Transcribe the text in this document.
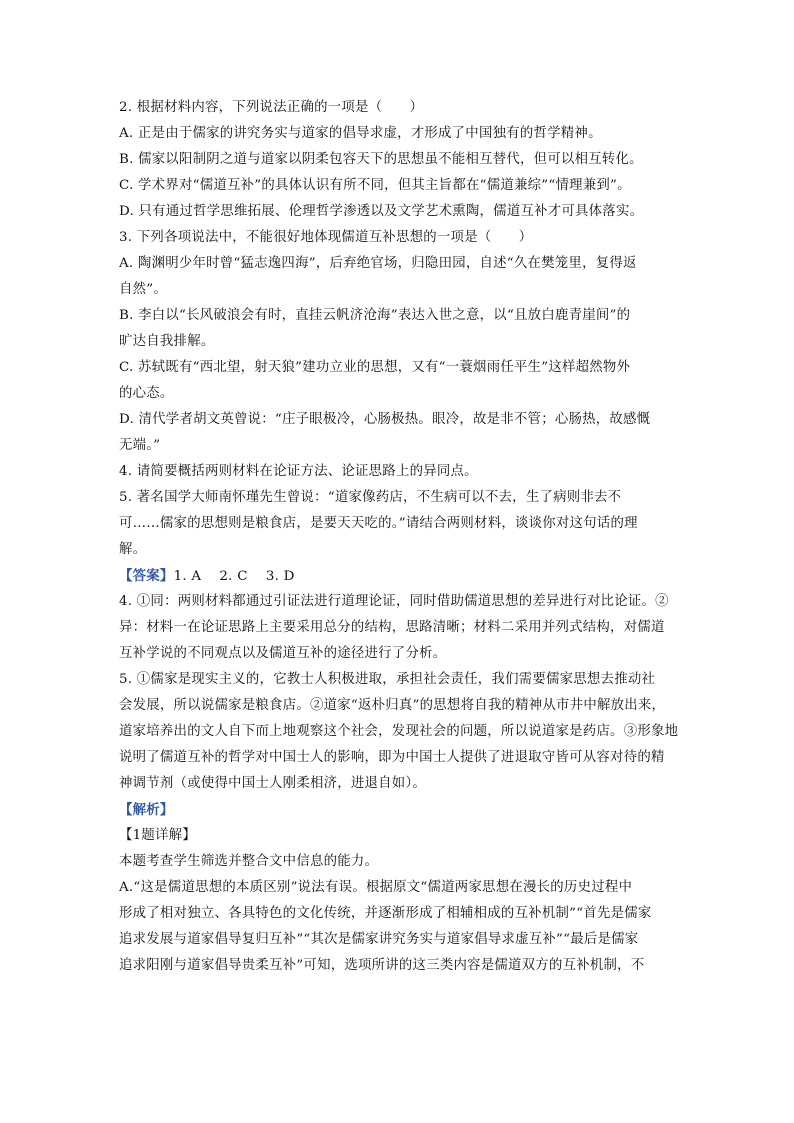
2. 根据材料内容，下列说法正确的一项是（　　）
A. 正是由于儒家的讲究务实与道家的倡导求虚，才形成了中国独有的哲学精神。
B. 儒家以阳制阴之道与道家以阴柔包容天下的思想虽不能相互替代，但可以相互转化。
C. 学术界对“儒道互补”的具体认识有所不同，但其主旨都在“儒道兼综”“情理兼到”。
D. 只有通过哲学思维拓展、伦理哲学渗透以及文学艺术熏陶，儒道互补才可具体落实。
3. 下列各项说法中，不能很好地体现儒道互补思想的一项是（　　）
A. 陶渊明少年时曾“猛志逸四海”，后弃绝官场，归隐田园，自述“久在樊笼里，复得返
自然”。
B. 李白以“长风破浪会有时，直挂云帆济沧海”表达入世之意，以“且放白鹿青崖间”的
旷达自我排解。
C. 苏轼既有“西北望，射天狼”建功立业的思想，又有“一蓑烟雨任平生”这样超然物外
的心态。
D. 清代学者胡文英曾说：“庄子眼极冷，心肠极热。眼冷，故是非不管；心肠热，故感慨
无端。”
4. 请简要概括两则材料在论证方法、论证思路上的异同点。
5. 著名国学大师南怀瑾先生曾说：“道家像药店，不生病可以不去，生了病则非去不
可……儒家的思想则是粮食店，是要天天吃的。”请结合两则材料，谈谈你对这句话的理
解。
【答案】1. A　 2. C　 3. D
4. ①同：两则材料都通过引证法进行道理论证，同时借助儒道思想的差异进行对比论证。②
异：材料一在论证思路上主要采用总分的结构，思路清晰；材料二采用并列式结构，对儒道
互补学说的不同观点以及儒道互补的途径进行了分析。
5. ①儒家是现实主义的，它教士人积极进取，承担社会责任，我们需要儒家思想去推动社
会发展，所以说儒家是粮食店。②道家“返朴归真”的思想将自我的精神从市井中解放出来，
道家培养出的文人自下而上地观察这个社会，发现社会的问题，所以说道家是药店。③形象地
说明了儒道互补的哲学对中国士人的影响，即为中国士人提供了进退取守皆可从容对待的精
神调节剂（或使得中国士人刚柔相济，进退自如）。
【解析】
【1题详解】
本题考查学生筛选并整合文中信息的能力。
A.“这是儒道思想的本质区别”说法有误。根据原文“儒道两家思想在漫长的历史过程中
形成了相对独立、各具特色的文化传统，并逐渐形成了相辅相成的互补机制”“首先是儒家
追求发展与道家倡导复归互补”“其次是儒家讲究务实与道家倡导求虚互补”“最后是儒家
追求阳刚与道家倡导贵柔互补”可知，选项所讲的这三类内容是儒道双方的互补机制，不
